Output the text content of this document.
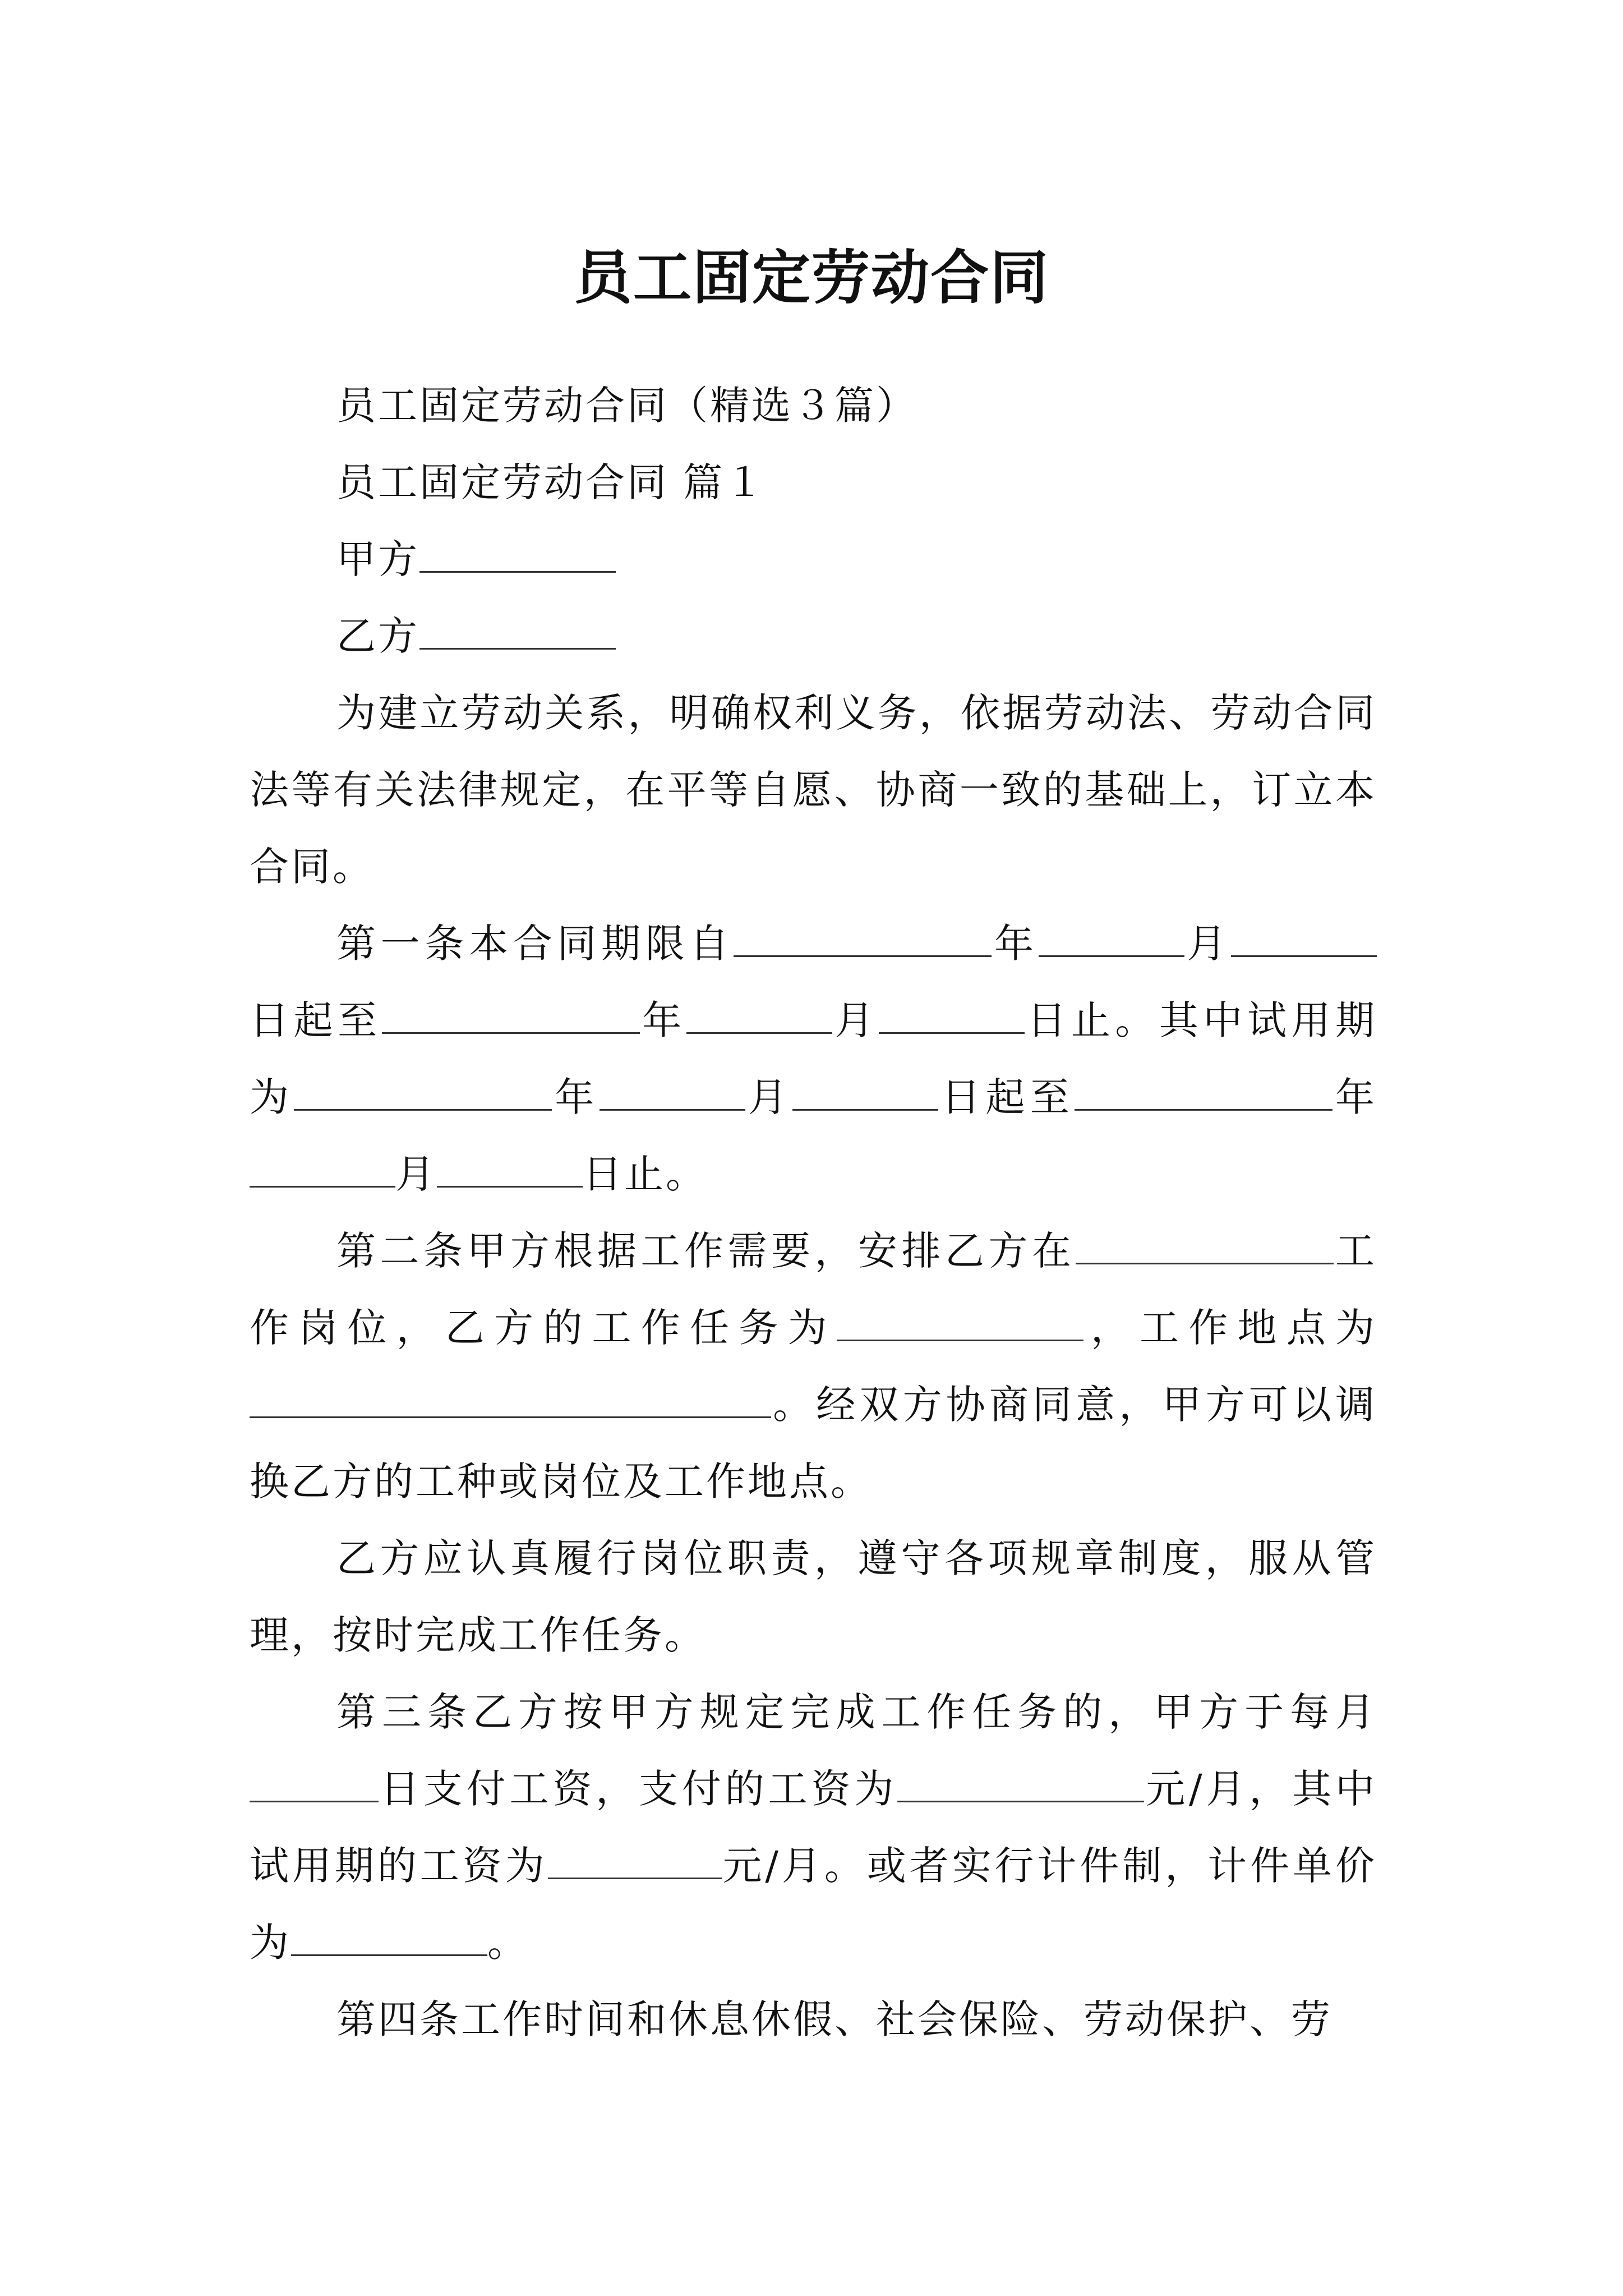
员工固定劳动合同

员工固定劳动合同（精选３篇）

员工固定劳动合同 篇１

甲方

乙方

为建立劳动关系，明确权利义务，依据劳动法、劳动合同法等有关法律规定，在平等自愿、协商一致的基础上，订立本合同。

第一条本合同期限自	年	月日起至	年	月	日止。其中试用期为	年	月	日起至	年月	日止。

第二条甲方根据工作需要，安排乙方在	工作岗位，乙方的工作任务为	，工作地点为。经双方协商同意，甲方可以调换乙方的工种或岗位及工作地点。

乙方应认真履行岗位职责，遵守各项规章制度，服从管理，按时完成工作任务。

第三条乙方按甲方规定完成工作任务的，甲方于每月日支付工资，支付的工资为	元/月，其中试用期的工资为	元/月。或者实行计件制，计件单价为	。

第四条工作时间和休息休假、社会保险、劳动保护、劳
